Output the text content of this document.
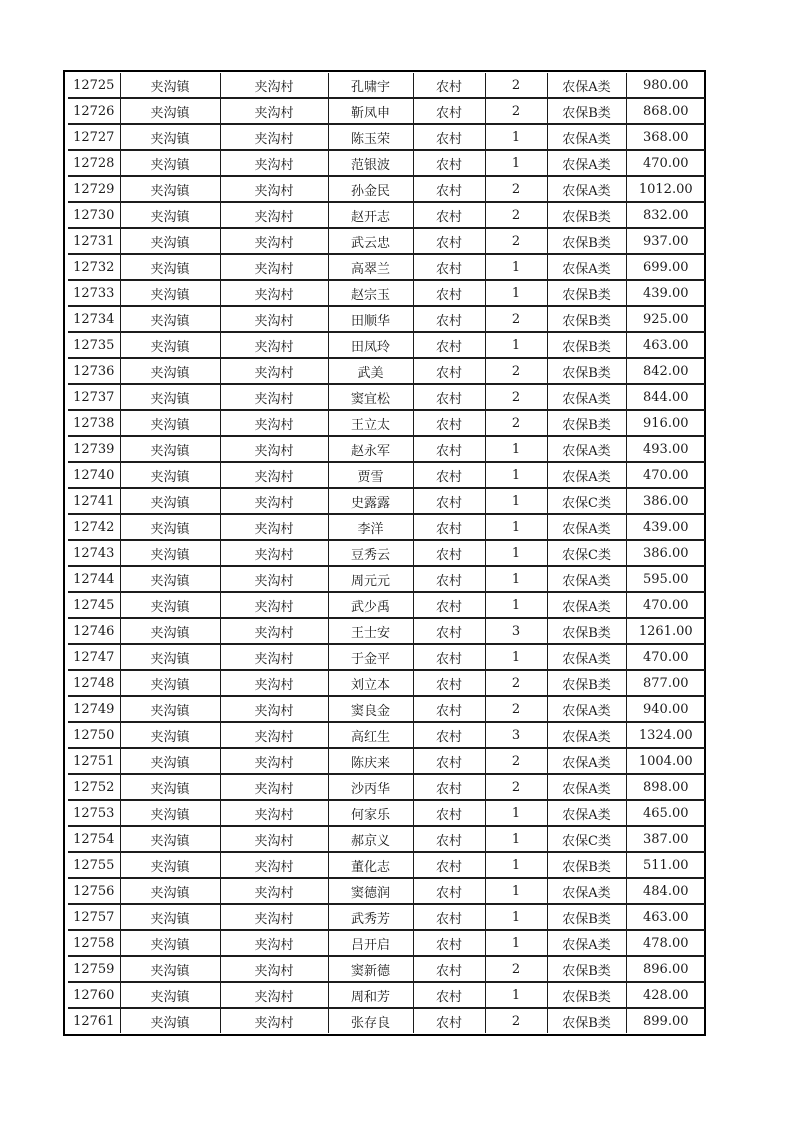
12725	夹沟镇	夹沟村	孔啸宇	农村	2	农保A类	980.00
12726	夹沟镇	夹沟村	靳凤申	农村	2	农保B类	868.00
12727	夹沟镇	夹沟村	陈玉荣	农村	1	农保A类	368.00
12728	夹沟镇	夹沟村	范银波	农村	1	农保A类	470.00
12729	夹沟镇	夹沟村	孙金民	农村	2	农保A类	1012.00
12730	夹沟镇	夹沟村	赵开志	农村	2	农保B类	832.00
12731	夹沟镇	夹沟村	武云忠	农村	2	农保B类	937.00
12732	夹沟镇	夹沟村	高翠兰	农村	1	农保A类	699.00
12733	夹沟镇	夹沟村	赵宗玉	农村	1	农保B类	439.00
12734	夹沟镇	夹沟村	田顺华	农村	2	农保B类	925.00
12735	夹沟镇	夹沟村	田凤玲	农村	1	农保B类	463.00
12736	夹沟镇	夹沟村	武美	农村	2	农保B类	842.00
12737	夹沟镇	夹沟村	窦宜松	农村	2	农保A类	844.00
12738	夹沟镇	夹沟村	王立太	农村	2	农保B类	916.00
12739	夹沟镇	夹沟村	赵永军	农村	1	农保A类	493.00
12740	夹沟镇	夹沟村	贾雪	农村	1	农保A类	470.00
12741	夹沟镇	夹沟村	史露露	农村	1	农保C类	386.00
12742	夹沟镇	夹沟村	李洋	农村	1	农保A类	439.00
12743	夹沟镇	夹沟村	豆秀云	农村	1	农保C类	386.00
12744	夹沟镇	夹沟村	周元元	农村	1	农保A类	595.00
12745	夹沟镇	夹沟村	武少禹	农村	1	农保A类	470.00
12746	夹沟镇	夹沟村	王士安	农村	3	农保B类	1261.00
12747	夹沟镇	夹沟村	于金平	农村	1	农保A类	470.00
12748	夹沟镇	夹沟村	刘立本	农村	2	农保B类	877.00
12749	夹沟镇	夹沟村	窦良金	农村	2	农保A类	940.00
12750	夹沟镇	夹沟村	高红生	农村	3	农保A类	1324.00
12751	夹沟镇	夹沟村	陈庆来	农村	2	农保A类	1004.00
12752	夹沟镇	夹沟村	沙丙华	农村	2	农保A类	898.00
12753	夹沟镇	夹沟村	何家乐	农村	1	农保A类	465.00
12754	夹沟镇	夹沟村	郝京义	农村	1	农保C类	387.00
12755	夹沟镇	夹沟村	董化志	农村	1	农保B类	511.00
12756	夹沟镇	夹沟村	窦德润	农村	1	农保A类	484.00
12757	夹沟镇	夹沟村	武秀芳	农村	1	农保B类	463.00
12758	夹沟镇	夹沟村	吕开启	农村	1	农保A类	478.00
12759	夹沟镇	夹沟村	窦新德	农村	2	农保B类	896.00
12760	夹沟镇	夹沟村	周和芳	农村	1	农保B类	428.00
12761	夹沟镇	夹沟村	张存良	农村	2	农保B类	899.00
